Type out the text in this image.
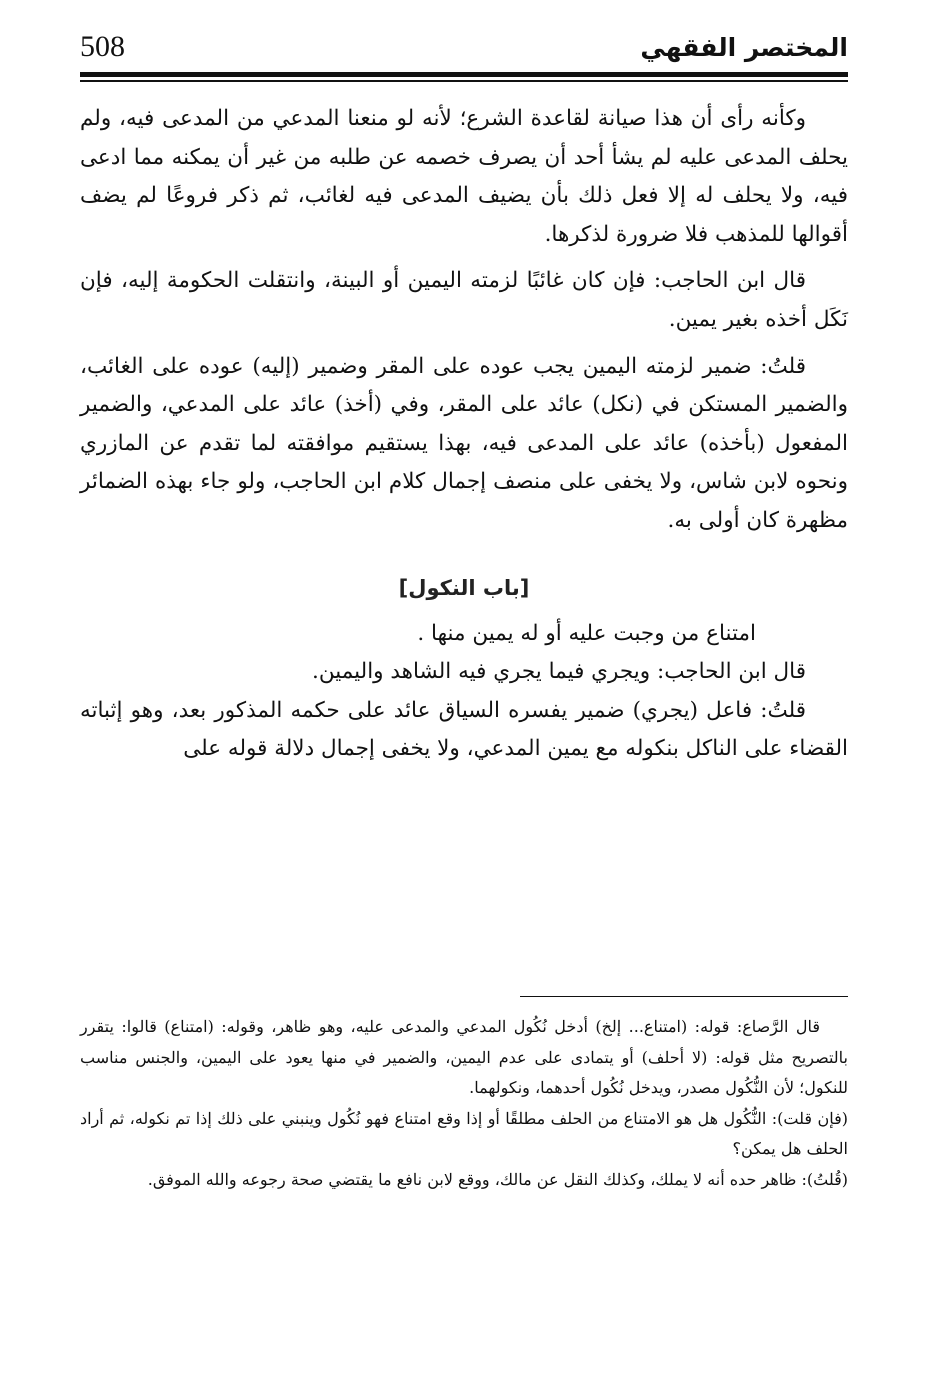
508	المختصر الفقهي

وكأنه رأى أن هذا صيانة لقاعدة الشرع؛ لأنه لو منعنا المدعي من المدعى فيه، ولم يحلف المدعى عليه لم يشأ أحد أن يصرف خصمه عن طلبه من غير أن يمكنه مما ادعى فيه، ولا يحلف له إلا فعل ذلك بأن يضيف المدعى فيه لغائب، ثم ذكر فروعًا لم يضف أقوالها للمذهب فلا ضرورة لذكرها.

قال ابن الحاجب: فإن كان غائبًا لزمته اليمين أو البينة، وانتقلت الحكومة إليه، فإن نَكَل أخذه بغير يمين.

قلتُ: ضمير لزمته اليمين يجب عوده على المقر وضمير (إليه) عوده على الغائب، والضمير المستكن في (نكل) عائد على المقر، وفي (أخذ) عائد على المدعي، والضمير المفعول (بأخذه) عائد على المدعى فيه، بهذا يستقيم موافقته لما تقدم عن المازري ونحوه لابن شاس، ولا يخفى على منصف إجمال كلام ابن الحاجب، ولو جاء بهذه الضمائر مظهرة كان أولى به.

[باب النكول]

امتناع من وجبت عليه أو له يمين منها .

قال ابن الحاجب: ويجري فيما يجري فيه الشاهد واليمين.

قلتُ: فاعل (يجري) ضمير يفسره السياق عائد على حكمه المذكور بعد، وهو إثباته القضاء على الناكل بنكوله مع يمين المدعي، ولا يخفى إجمال دلالة قوله على

قال الرَّصاع: قوله: (امتناع... إلخ) أدخل نُكُول المدعي والمدعى عليه، وهو ظاهر، وقوله: (امتناع) قالوا: يتقرر بالتصريح مثل قوله: (لا أحلف) أو يتمادى على عدم اليمين، والضمير في منها يعود على اليمين، والجنس مناسب للنكول؛ لأن النُّكُول مصدر، ويدخل نُكُول أحدهما، ونكولهما.

(فإن قلت): النُّكُول هل هو الامتناع من الحلف مطلقًا أو إذا وقع امتناع فهو نُكُول وينبني على ذلك إذا تم نكوله، ثم أراد الحلف هل يمكن؟

(قُلتُ): ظاهر حده أنه لا يملك، وكذلك النقل عن مالك، ووقع لابن نافع ما يقتضي صحة رجوعه والله الموفق.
